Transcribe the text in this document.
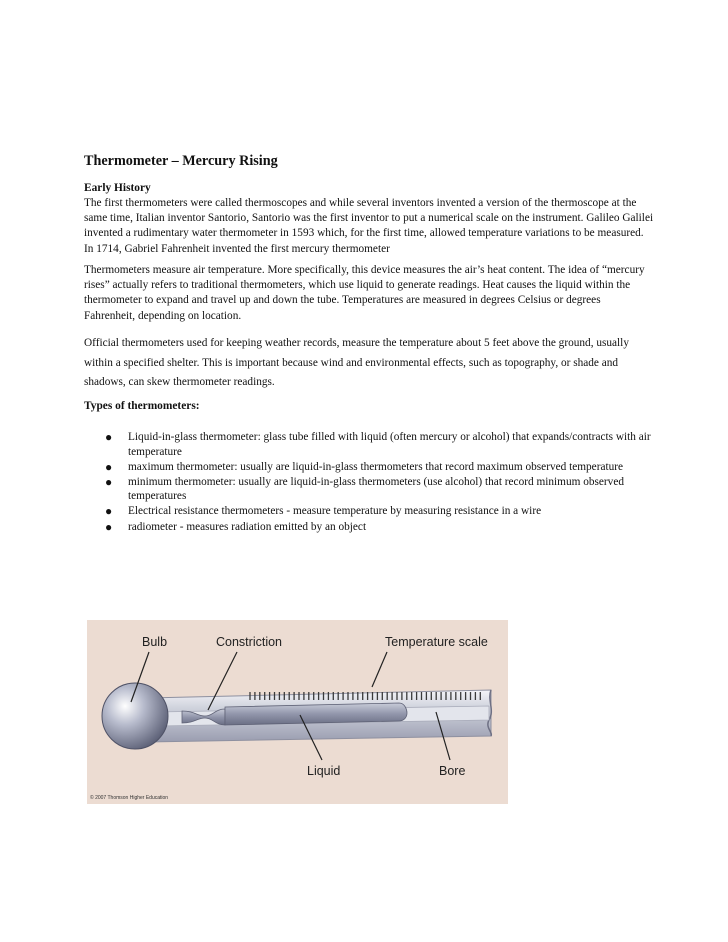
Thermometer – Mercury Rising
Early History

The first thermometers were called thermoscopes and while several inventors invented a version of the thermoscope at the same time, Italian inventor Santorio, Santorio was the first inventor to put a numerical scale on the instrument. Galileo Galilei invented a rudimentary water thermometer in 1593 which, for the first time, allowed temperature variations to be measured. In 1714, Gabriel Fahrenheit invented the first mercury thermometer

Thermometers measure air temperature. More specifically, this device measures the air’s heat content. The idea of “mercury rises” actually refers to traditional thermometers, which use liquid to generate readings. Heat causes the liquid within the thermometer to expand and travel up and down the tube. Temperatures are measured in degrees Celsius or degrees Fahrenheit, depending on location.

Official thermometers used for keeping weather records, measure the temperature about 5 feet above the ground, usually within a specified shelter. This is important because wind and environmental effects, such as topography, or shade and shadows, can skew thermometer readings.

Types of thermometers:
● Liquid-in-glass thermometer: glass tube filled with liquid (often mercury or alcohol) that expands/contracts with air temperature
● maximum thermometer: usually are liquid-in-glass thermometers that record maximum observed temperature
● minimum thermometer: usually are liquid-in-glass thermometers (use alcohol) that record minimum observed temperatures
● Electrical resistance thermometers - measure temperature by measuring resistance in a wire
● radiometer - measures radiation emitted by an object
Bulb	Constriction	Temperature scale
Liquid	Bore
© 2007 Thomson Higher Education
